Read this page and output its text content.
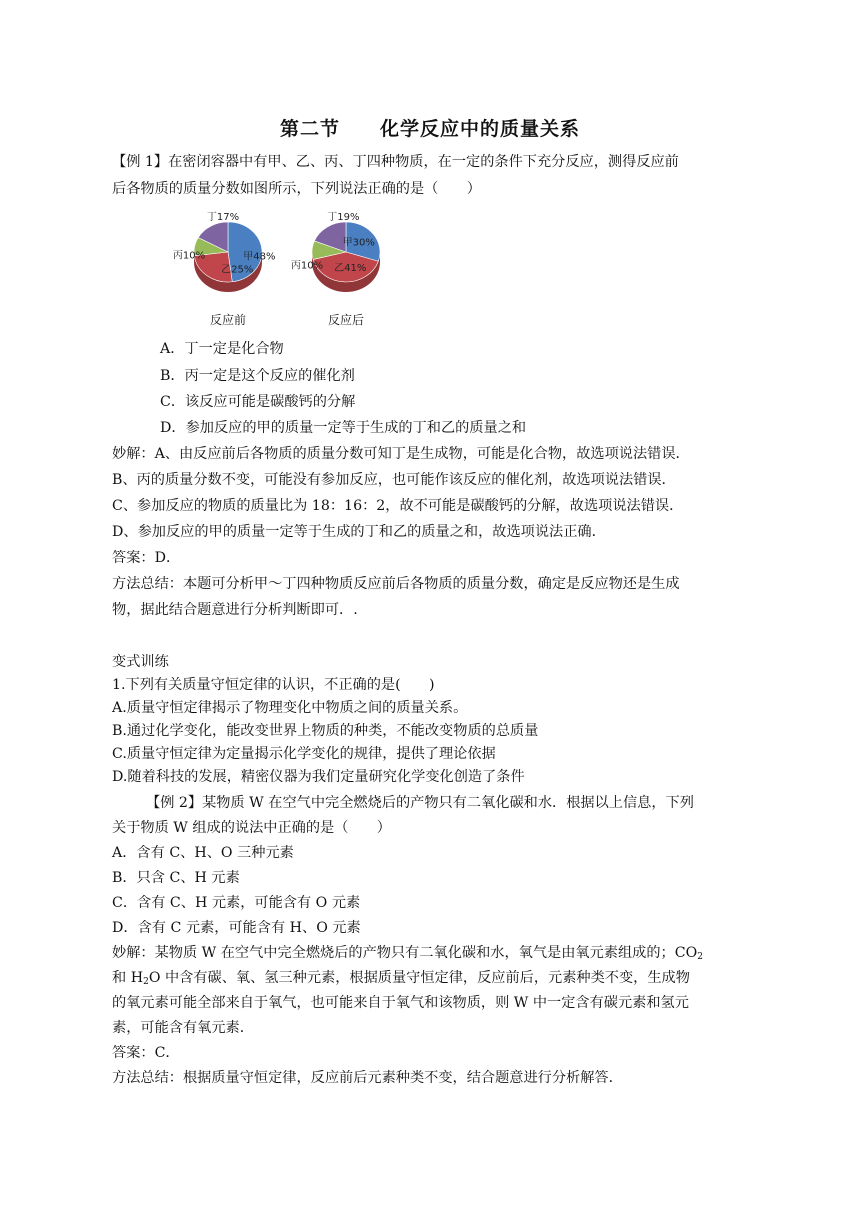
第二节 化学反应中的质量关系
【例 1】在密闭容器中有甲、乙、丙、丁四种物质，在一定的条件下充分反应，测得反应前
后各物质的质量分数如图所示，下列说法正确的是（　　）
甲48%
乙25%
丙10%
丁17%
反应前
甲30%
乙41%
丙10%
丁19%
反应后
A．丁一定是化合物
B．丙一定是这个反应的催化剂
C．该反应可能是碳酸钙的分解
D．参加反应的甲的质量一定等于生成的丁和乙的质量之和
妙解：A、由反应前后各物质的质量分数可知丁是生成物，可能是化合物，故选项说法错误．
B、丙的质量分数不变，可能没有参加反应，也可能作该反应的催化剂，故选项说法错误．
C、参加反应的物质的质量比为 18：16：2，故不可能是碳酸钙的分解，故选项说法错误．
D、参加反应的甲的质量一定等于生成的丁和乙的质量之和，故选项说法正确．
答案：D．
方法总结：本题可分析甲～丁四种物质反应前后各物质的质量分数，确定是反应物还是生成
物，据此结合题意进行分析判断即可．.
变式训练
1.下列有关质量守恒定律的认识，不正确的是(　　)
A.质量守恒定律揭示了物理变化中物质之间的质量关系。
B.通过化学变化，能改变世界上物质的种类，不能改变物质的总质量
C.质量守恒定律为定量揭示化学变化的规律，提供了理论依据
D.随着科技的发展，精密仪器为我们定量研究化学变化创造了条件
【例 2】某物质 W 在空气中完全燃烧后的产物只有二氧化碳和水．根据以上信息，下列
关于物质 W 组成的说法中正确的是（　　）
A．含有 C、H、O 三种元素
B．只含 C、H 元素
C．含有 C、H 元素，可能含有 O 元素
D．含有 C 元素，可能含有 H、O 元素
妙解：某物质 W 在空气中完全燃烧后的产物只有二氧化碳和水，氧气是由氧元素组成的；$CO_2$
和 $H_2O$ 中含有碳、氧、氢三种元素，根据质量守恒定律，反应前后，元素种类不变，生成物
的氧元素可能全部来自于氧气，也可能来自于氧气和该物质，则 W 中一定含有碳元素和氢元
素，可能含有氧元素．
答案：C．
方法总结：根据质量守恒定律，反应前后元素种类不变，结合题意进行分析解答．
